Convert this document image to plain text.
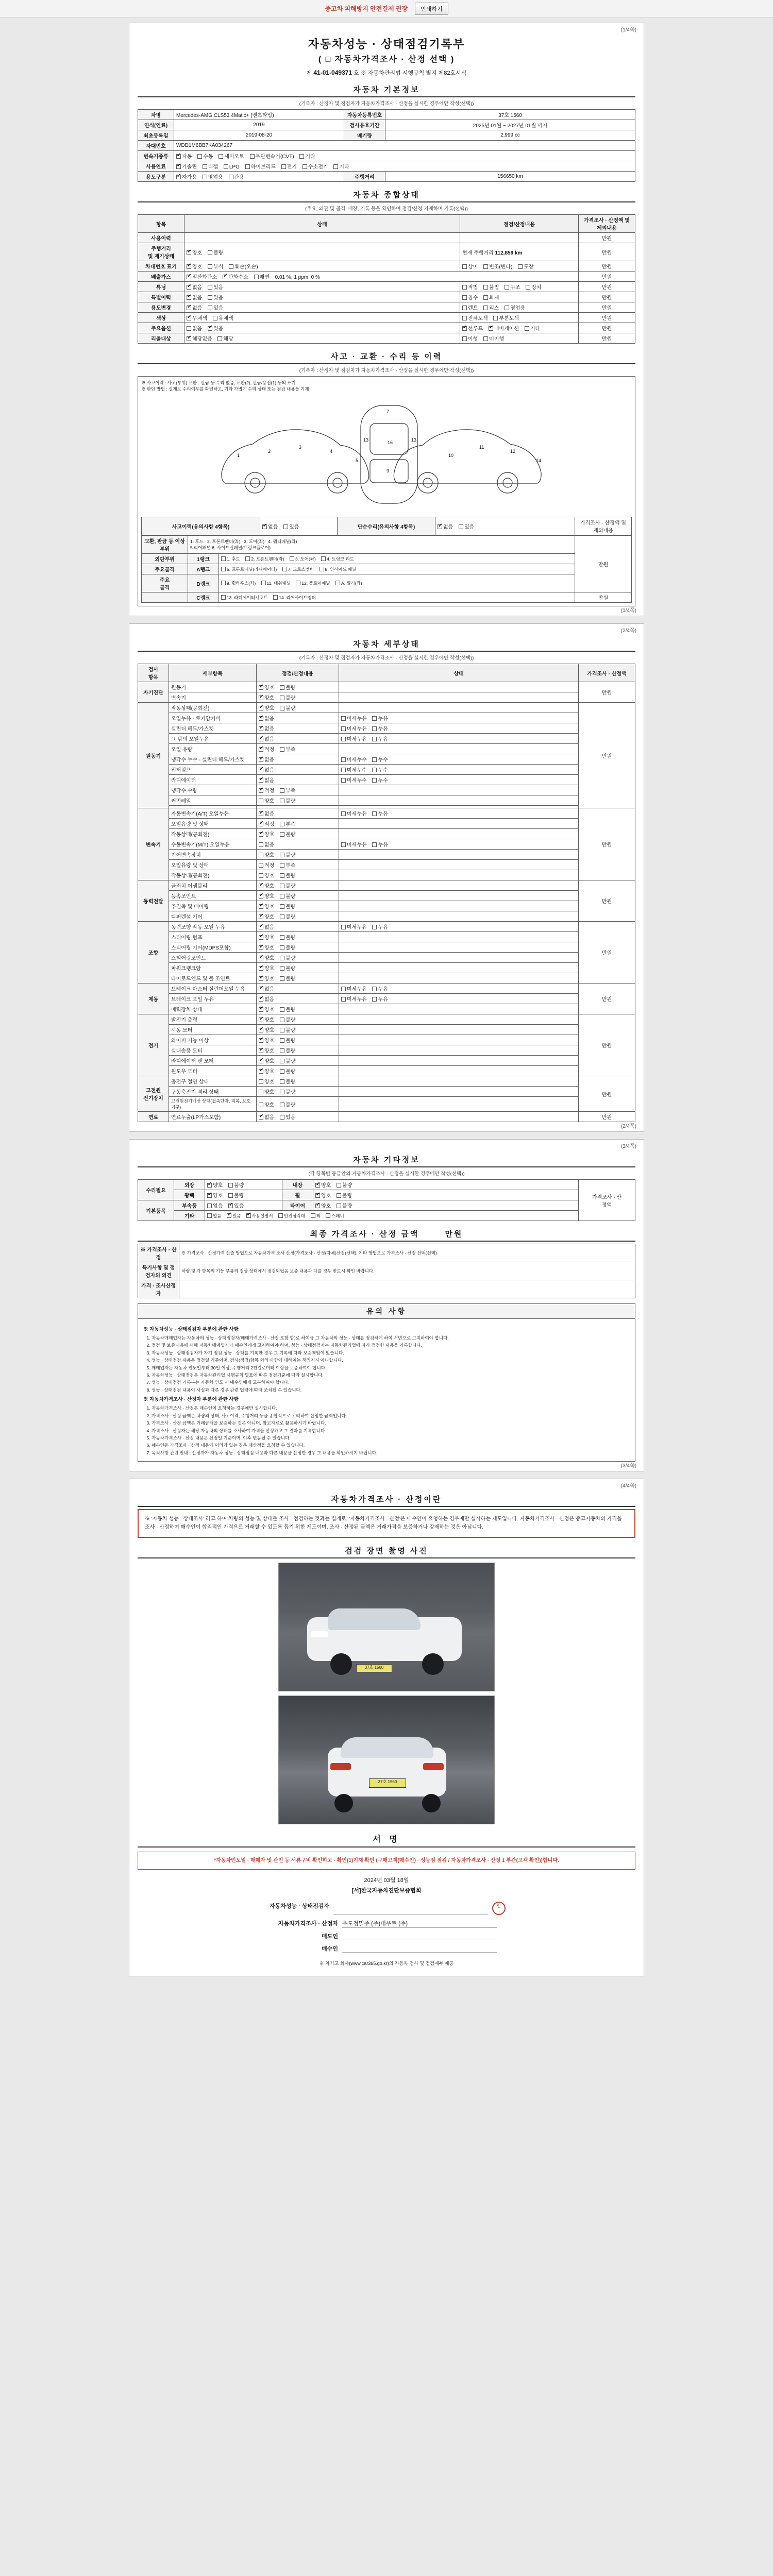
중고차 피해방지 안전결제 권장	인쇄하기
(1/4쪽)
자동차성능 · 상태점검기록부
( □ 자동차가격조사 · 산정 선택 )
제 41-01-049371 호 ※ 자동차관리법 시행규칙 별지 제82호서식
자동차 기본정보
(기록자 : 산정자 및 점검자가 자동차가격조사 · 산정을 실시한 경우에만 작성(선택))
차명	Mercedes-AMG CLS53 4Matic+ (벤츠타입)	자동차등록번호	37호 1560
연식(연료)	2019	검사유효기간	2025년 01월 ~ 2027년 01월 까지
최초등록일	2019-08-20	배기량	2,999 cc
차대번호	WDD1M6BB7KA034267		
변속기종류	✔자동 수동 세미오토 무단변속기(CVT) 기타
사용연료	✔가솔린 디젤 LPG 하이브리드 전기 수소전기 기타
용도구분	✔자가용 영업용 관용	주행거리	156650 km
자동차 종합상태
(주요, 외관 및 골격, 내장, 기록 등을 확인하여 점검/산정 기재하며 기록(선택))
항목	상태	점검/산정내용	가격조사 · 산정액 및 제외내용
사용이력			만원
주행거리
및 계기상태	✔양호 불량	현재 주행거리 112,859 km	만원
차대번호 표기	✔양호 부식 훼손(오손)	상이 변조(변타) 도장	만원
배출가스	✔일산화탄소 ✔ 탄화수소 매연 0.01 %, 1 ppm, 0 %		만원
튜닝	✔없음 있음	적법 불법 구조 장치	만원
특별이력	✔없음 있음	침수 화재	만원
용도변경	✔없음 있음	렌트 리스 영업용	만원
색상	✔무채색 유채색	전체도색 부분도색	만원
주요옵션	없음 ✔ 있음	✔선루프 ✔ 내비게이션 기타	만원
리콜대상	✔해당없음 해당	이행 미이행	만원
사고 · 교환 · 수리 등 이력
(기록자 : 산정자 및 점검자가 자동차가격조사 · 산정을 실시한 경우에만 작성(선택))
※ 사고이력 : 사고(부위) 교환 · 판금 등 수리 없음, 교환(2), 판금/용접(1) 등의 표기
※ 판단 방법 : 실제로 수리여부를 확인하고, 기타 가볍게 수리 상태 또는 점검 내용을 기재
1
2
3
4
5
7
16
9
13	13
10
11
12
14
사고이력(유의사항 4항목)	✔없음 있음	단순수리(유의사항 4항목)	✔없음 있음	가격조사 · 산정액 및 제외내용
교환, 판금 등 이상 부위	1. 후드   2. 프론트펜더(좌)   3. 도어(좌)   4. 쿼터패널(좌)
5.리어패널 6. 사이드실패널(트렁크플로어)		만원
외판부위	1랭크	1. 후드 2. 프론트펜더(좌) 3. 도어(좌) 4. 트렁크 리드	
주요골격	A랭크	5. 프론트패널(라디에이터) 7. 크로스멤버 8. 인사이드 패널	
주요
골격	B랭크	9. 휠하우스(좌) 11. 대쉬패널 12. 플로어패널 A. 필러(좌)	
	C랭크	13. 라디에이터서포트 14. 리어사이드멤버	만원
(1/4쪽)
(2/4쪽)
자동차 세부상태
(기록자 : 산정자 및 점검자가 자동차가격조사 · 산정을 실시한 경우에만 작성(선택))
검사
항목	세부항목	점검/산정내용	상태	가격조사 · 산정액
자기진단	원동기	✔양호 불량		만원
	변속기	✔양호 불량	
원동기	작동상태(공회전)	✔양호 불량		만원
	오일누유 - 로커암커버	✔없음	미세누유 누유	
	실린더 헤드/가스켓	✔없음	미세누유 누유	
	그 밖의 오일누유	✔없음	미세누유 누유	
	오일 유량	✔적정 부족	
	냉각수 누수 - 실린더 헤드/가스켓	✔없음	미세누수 누수	
	워터펌프	✔없음	미세누수 누수	
	라디에이터	✔없음	미세누수 누수	
	냉각수 수량	✔적정 부족	
	커먼레일	양호 불량		

변속기	자동변속기(A/T) 오일누유	✔없음	미세누유 누유	만원
	오일유량 및 상태	✔적정 부족	
	작동상태(공회전)	✔양호 불량	
	수동변속기(M/T) 오일누유	없음	미세누유 누유	
	기어변속장치	양호 불량		
	오일유량 및 상태	적정 부족		
	작동상태(공회전)	양호 불량		
동력전달	클러치 어셈블리	✔양호 불량		만원
	등속조인트	✔양호 불량	
	추진축 및 베어링	✔양호 불량	
	디퍼렌셜 기어	✔양호 불량	
조향	동력조향 작동 오일 누유	✔없음	미세누유 누유	만원
	스티어링 펌프	✔양호 불량	
	스티어링 기어(MDPS포함)	✔양호 불량	
	스티어링조인트	✔양호 불량	
	파워크랭크암	✔양호 불량	
	타이로드엔드 및 볼 조인트	✔양호 불량	
제동	브레이크 마스터 실린더오일 누유	✔없음	미세누유 누유	만원
	브레이크 오일 누유	✔없음	미세누유 누유	
	배력장치 상태	✔양호 불량	
전기	발전기 출력	✔양호 불량		만원
	시동 모터	✔양호 불량	
	와이퍼 기능 이상	✔양호 불량	
	실내송풍 모터	✔양호 불량	
	라디에이터 팬 모터	✔양호 불량	
	윈도우 모터	✔양호 불량	
고전원
전기장치	충전구 절연 상태	양호 불량		만원
	구동축전지 격리 상태	양호 불량		
	고전원전기배선 상태(접속단자, 피복, 보호기구)	양호 불량		
연료	연료누출(LP가스포함)	✔없음 있음		만원
(2/4쪽)
(3/4쪽)
자동차 기타정보
(각 항목별 등급안의 자동차가격조사 · 산정을 실시한 경우에만 작성(선택))
수리필요	외장	✔양호 불량	내장	✔양호 불량	가격조사 · 산
정액
	광택	✔양호 불량	휠	✔양호 불량
기본품목	부속품	없음 ✔ 있음	타이어	✔양호 불량
	기타	없음 ✔ 있음 ✔ 사용설명서 안전삼각대 잭 스패너
최종 가격조사 · 산정 금액	만원
※ 가격조사 · 산정	※ 가격조사 · 산정가격 산출 방법으로 자동차가격 조사 산정(가격조사 · 산정(자체)산정(선택), 기타 방법으로 가격조사 · 산정 선택(선택)
특기사항 및 점검자의 의견	차량 및 각 항목의 기능 부품의 정상 상태에서 점검되었음 보증 내용과 다를 경우 반드시 확인 바랍니다.
가격 · 조사산정자	
유의 사항
※ 자동차성능 · 상태점검자 부분에 관한 사항
1. 자동차매매업자는 자동차의 성능 · 상태점검자(매매가격조사 · 산정 포함 함)로 하여금 그 자동차의 성능 · 상태를 점검하게 하여 서면으로 고지하여야 합니다.
2. 점검 및 보증내용에 대해 자동차매매업자가 매수인에게 고지하여야 하며, 성능 · 상태점검자는 자동차관리법에 따라 점검한 내용을 기록합니다.
3. 자동차성능 · 상태점검자가 자기 점검 성능 · 상태를 기록한 경우 그 기록에 따라 보증책임이 있습니다.
4. 성능 · 상태점검 내용은 점검일 기준이며, 검사(점검)항목 외의 사항에 대하여는 책임지지 아니합니다.
5. 매매업자는 자동차 인도일부터 30일 이상, 주행거리 2천킬로미터 이상을 보증하여야 합니다.
6. 자동차성능 · 상태점검은 자동차관리법 시행규칙 별표에 따른 점검기준에 따라 실시합니다.
7. 성능 · 상태점검 기록부는 자동차 인도 시 매수인에게 교부하여야 합니다.
8. 성능 · 상태점검 내용이 사실과 다른 경우 관련 법령에 따라 조치될 수 있습니다.
※ 자동차가격조사 · 산정자 부분에 관한 사항
1. 자동차가격조사 · 산정은 매수인이 요청하는 경우에만 실시합니다.
2. 가격조사 · 산정 금액은 차량의 상태, 사고이력, 주행거리 등을 종합적으로 고려하여 산정한 금액입니다.
3. 가격조사 · 산정 금액은 거래금액을 보증하는 것은 아니며, 참고자료로 활용하시기 바랍니다.
4. 가격조사 · 산정자는 해당 자동차의 상태를 조사하여 가격을 산정하고 그 결과를 기록합니다.
5. 자동차가격조사 · 산정 내용은 산정일 기준이며, 이후 변동될 수 있습니다.
6. 매수인은 가격조사 · 산정 내용에 이의가 있는 경우 재산정을 요청할 수 있습니다.
7. 목적사항 관련 안내 : 산정자가 자동차 성능 · 상태점검 내용과 다른 내용을 산정한 경우 그 내용을 확인하시기 바랍니다.
(3/4쪽)
(4/4쪽)
자동차가격조사 · 산정이란
※ '자동차 성능 · 상태조사' 라고 하여 차량의 성능 및 상태를 조사 · 점검하는 것과는 별개로, '자동차가격조사 · 산정'은 매수인이 요청하는 경우에만 실시하는 제도입니다. 자동차가격조사 · 산정은 중고자동차의 가격을 조사 · 산정하여 매수인이 합리적인 가격으로 거래할 수 있도록 돕기 위한 제도이며, 조사 · 산정된 금액은 거래가격을 보증하거나 강제하는 것은 아닙니다.
검검 장면 촬영 사진
37호 1560
37호 1560
서 명
*자동차인도일 · 매매자 및 관인 등 서류구비 확인하고 · 확인(1)기재 확인 (구매고객(매수인) · 성능점 점검 / 자동차가격조사 · 산정 1 부간(고객 확인))합니다.
2024년 03월 18일
[서]한국자동차진단보증협회
자동차성능 · 상태점검자	인
자동차가격조사 · 산정자 우도정밀주 (주)대우트 (주)
매도인
매수인
※ 차기고 회사(www.car365.go.kr)의 자동차 검사 및 점검제부 제공
